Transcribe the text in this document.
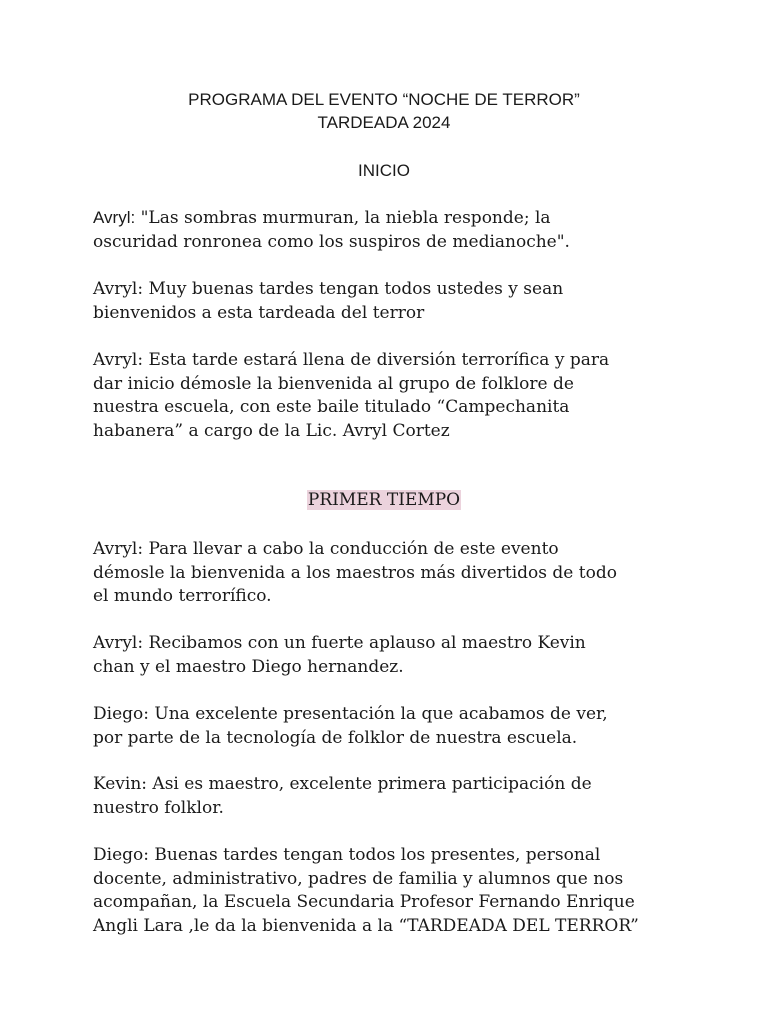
PROGRAMA DEL EVENTO “NOCHE DE TERROR”
TARDEADA 2024
INICIO

Avryl: "Las sombras murmuran, la niebla responde; la
oscuridad ronronea como los suspiros de medianoche".

Avryl: Muy buenas tardes tengan todos ustedes y sean
bienvenidos a esta tardeada del terror

Avryl: Esta tarde estará llena de diversión terrorífica y para
dar inicio démosle la bienvenida al grupo de folklore de
nuestra escuela, con este baile titulado “Campechanita
habanera” a cargo de la Lic. Avryl Cortez

PRIMER TIEMPO

Avryl: Para llevar a cabo la conducción de este evento
démosle la bienvenida a los maestros más divertidos de todo
el mundo terrorífico.

Avryl: Recibamos con un fuerte aplauso al maestro Kevin
chan y el maestro Diego hernandez.

Diego: Una excelente presentación la que acabamos de ver,
por parte de la tecnología de folklor de nuestra escuela.

Kevin: Asi es maestro, excelente primera participación de
nuestro folklor.

Diego: Buenas tardes tengan todos los presentes, personal
docente, administrativo, padres de familia y alumnos que nos
acompañan, la Escuela Secundaria Profesor Fernando Enrique
Angli Lara ,le da la bienvenida a la “TARDEADA DEL TERROR”
